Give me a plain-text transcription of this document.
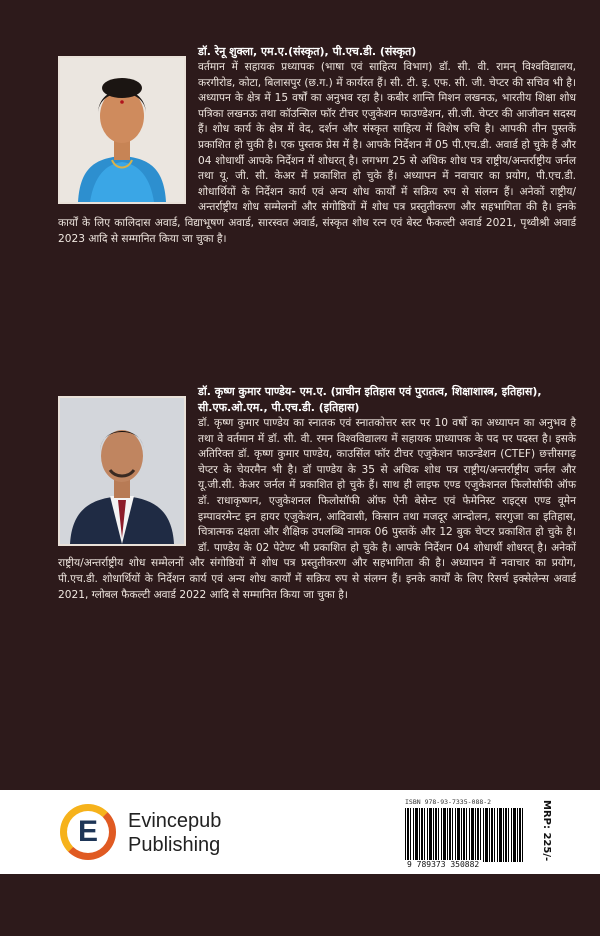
डॉ. रेनू शुक्ला, एम.ए.(संस्कृत), पी.एच.डी. (संस्कृत)
वर्तमान में सहायक प्रध्यापक (भाषा एवं साहित्य विभाग) डॉ. सी. वी. रामन् विश्वविद्यालय, करगीरोड, कोटा, बिलासपुर (छ.ग.) में कार्यरत हैं। सी. टी. इ. एफ. सी. जी. चेप्टर की सचिव भी है। अध्यापन के क्षेत्र में 15 वर्षों का अनुभव रहा है। कबीर शान्ति मिशन लखनऊ, भारतीय शिक्षा शोध पत्रिका लखनऊ तथा कॉउन्सिल फॉर टीचर एजुकेशन फाउण्डेशन, सी.जी. चेप्टर की आजीवन सदस्य हैं। शोध कार्य के क्षेत्र में वेद, दर्शन और संस्कृत साहित्य में विशेष रुचि है। आपकी तीन पुस्तकें प्रकाशित हो चुकी है। एक पुस्तक प्रेस में है। आपके निर्देशन में 05 पी.एच.डी. अवार्ड हो चुके हैं और 04 शोधार्थी आपके निर्देशन में शोधरत् है। लगभग 25 से अधिक शोध पत्र राष्ट्रीय/अन्तर्राष्ट्रीय जर्नल तथा यू. जी. सी. केअर में प्रकाशित हो चुके हैं। अध्यापन में नवाचार का प्रयोग, पी.एच.डी. शोधार्थियों के निर्देशन कार्य एवं अन्य शोध कार्यों में सक्रिय रुप से संलग्न हैं। अनेकों राष्ट्रीय/अन्तर्राष्ट्रीय शोध सम्मेलनों और संगोष्ठियों में शोध पत्र प्रस्तुतीकरण और सहभागिता की है। इनके कार्यों के लिए कालिदास अवार्ड, विद्याभूषण अवार्ड, सारस्वत अवार्ड, संस्कृत शोध रत्न एवं बेस्ट फैकल्टी अवार्ड 2021, पृथ्वीश्री अवार्ड 2023 आदि से सम्मानित किया जा चुका है।
डॉ. कृष्ण कुमार पाण्डेय- एम.ए. (प्राचीन इतिहास एवं पुरातत्व, शिक्षाशास्त्र, इतिहास), सी.एफ.ओ.एम., पी.एच.डी. (इतिहास)
डॉ. कृष्ण कुमार पाण्डेय का स्नातक एवं स्नातकोत्तर स्तर पर 10 वर्षो का अध्यापन का अनुभव है तथा वे वर्तमान में डॉ. सी. वी. रमन विश्वविद्यालय में सहायक प्राध्यापक के पद पर पदस्त है। इसके अतिरिक्त डॉ. कृष्ण कुमार पाण्डेय, काउसिंल फॉर टीचर एजुकेशन फाउन्डेशन (CTEF) छत्तीसगढ़ चेप्टर के चेयरमैन भी है। डॉ पाण्डेय के 35 से अधिक शोध पत्र राष्ट्रीय/अन्तर्राष्ट्रीय जर्नल और यू.जी.सी. केअर जर्नल में प्रकाशित हो चुके हैं। साथ ही लाइफ एण्ड एजुकेशनल फिलोसॉफी ऑफ डॉ. राधाकृष्णन, एजुकेशनल फिलोसॉफी ऑफ ऐनी बेसेन्ट एवं फेमेनिस्ट राइट्स एण्ड वूमेन इम्पावरमेन्ट इन हायर एजुकेशन, आदिवासी, किसान तथा मजदूर आन्दोलन, सरगुजा का इतिहास, चित्रात्मक दक्षता और शैक्षिक उपलब्धि नामक 06 पुस्तकें और 12 बुक चेप्टर प्रकाशित हो चुके है। डॉ. पाण्डेय के 02 पेटेण्ट भी प्रकाशित हो चुके है। आपके निर्देशन 04 शोधार्थी शोधरत् है। अनेकों राष्ट्रीय/अन्तर्राष्ट्रीय शोध सम्मेलनों और संगोष्ठियों में शोध पत्र प्रस्तुतीकरण और सहभागिता की है। अध्यापन में नवाचार का प्रयोग, पी.एच.डी. शोधार्थियों के निर्देशन कार्य एवं अन्य शोध कार्यों में सक्रिय रुप से संलग्न हैं। इनके कार्यों के लिए रिसर्च इक्सेलेन्स अवार्ड 2021, ग्लोबल फैकल्टी अवार्ड 2022 आदि से सम्मानित किया जा चुका है।
E	Evincepub
Publishing
ISBN 978-93-7335-088-2
9 789373 350882
MRP: 225/-
